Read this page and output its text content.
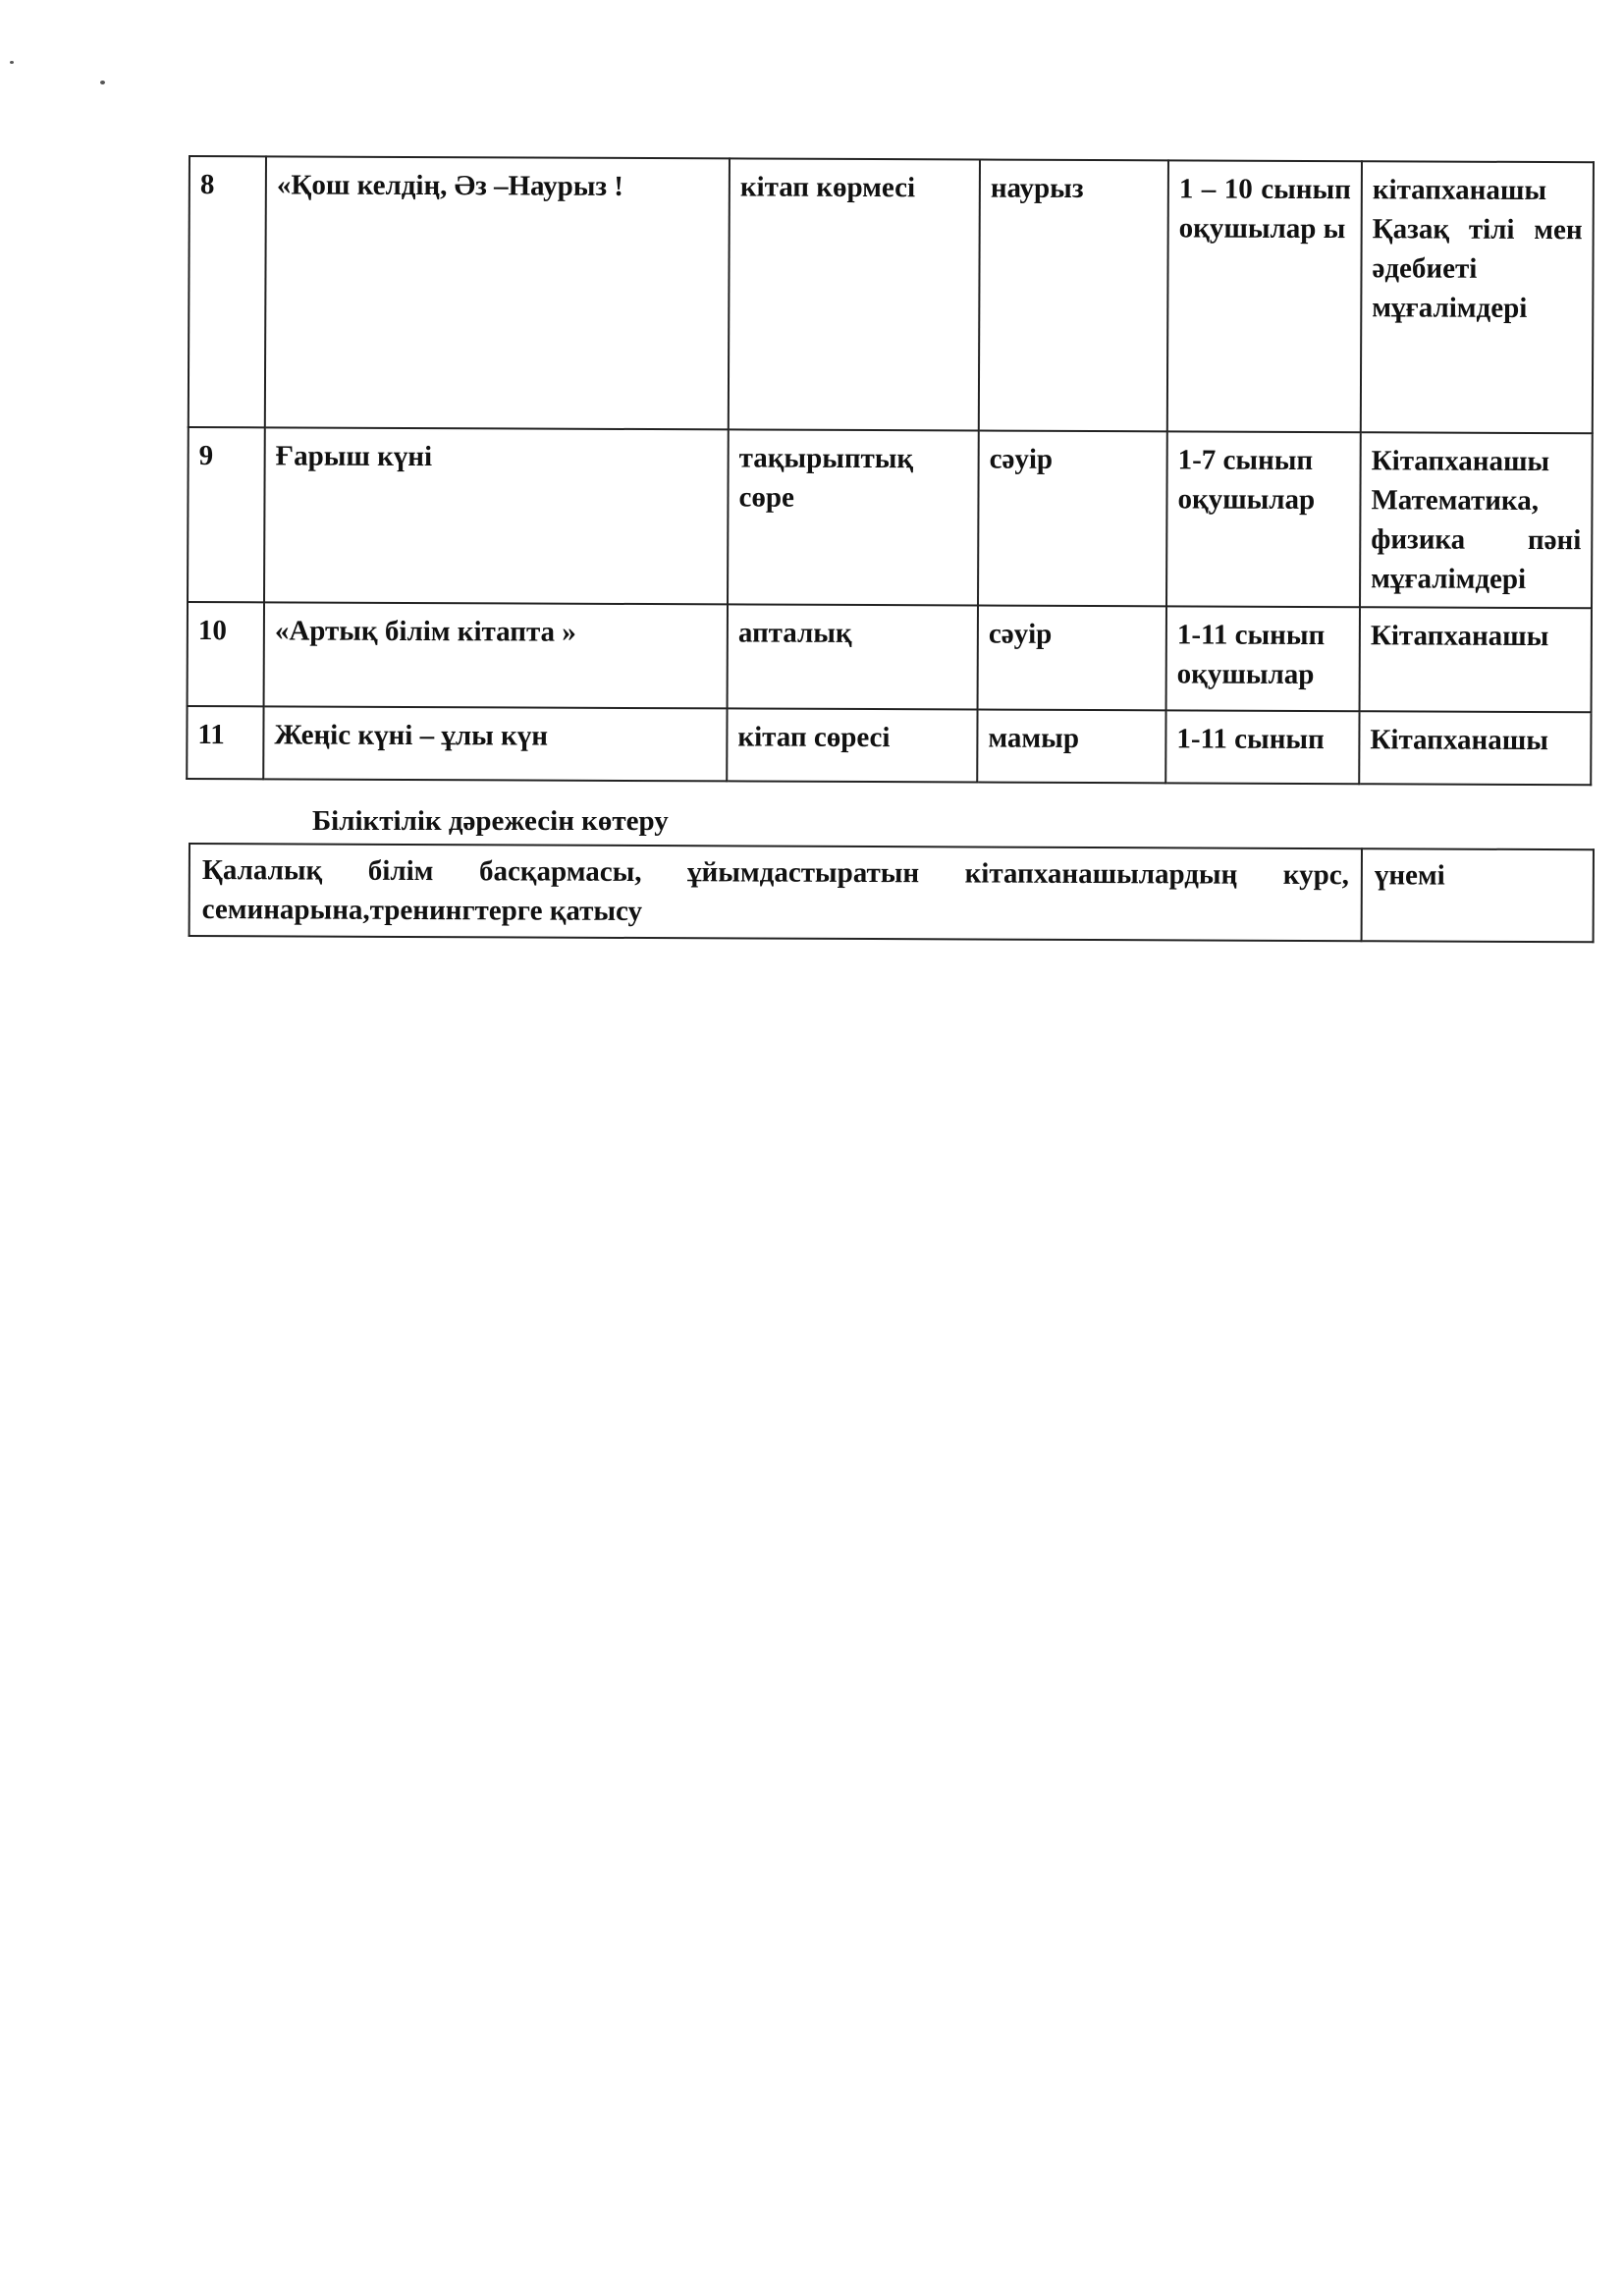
8	«Қош келдің, Әз –Наурыз !	кітап көрмесі	наурыз	1 – 10 сынып оқушылар ы	кітапханашы Қазақ тілі мен әдебиеті мұғалімдері
9	Ғарыш күні	тақырыптық сөре	сәуір	1-7 сынып оқушылар	Кітапханашы Математика, физика пәні мұғалімдері
10	«Артық білім кітапта »	апталық	сәуір	1-11 сынып оқушылар	Кітапханашы
11	Жеңіс күні – ұлы күн	кітап сөресі	мамыр	1-11 сынып	Кітапханашы

Біліктілік дәрежесін көтеру

Қалалық білім басқармасы, ұйымдастыратын кітапханашылардың курс, семинарына,тренингтерге қатысу	үнемі
